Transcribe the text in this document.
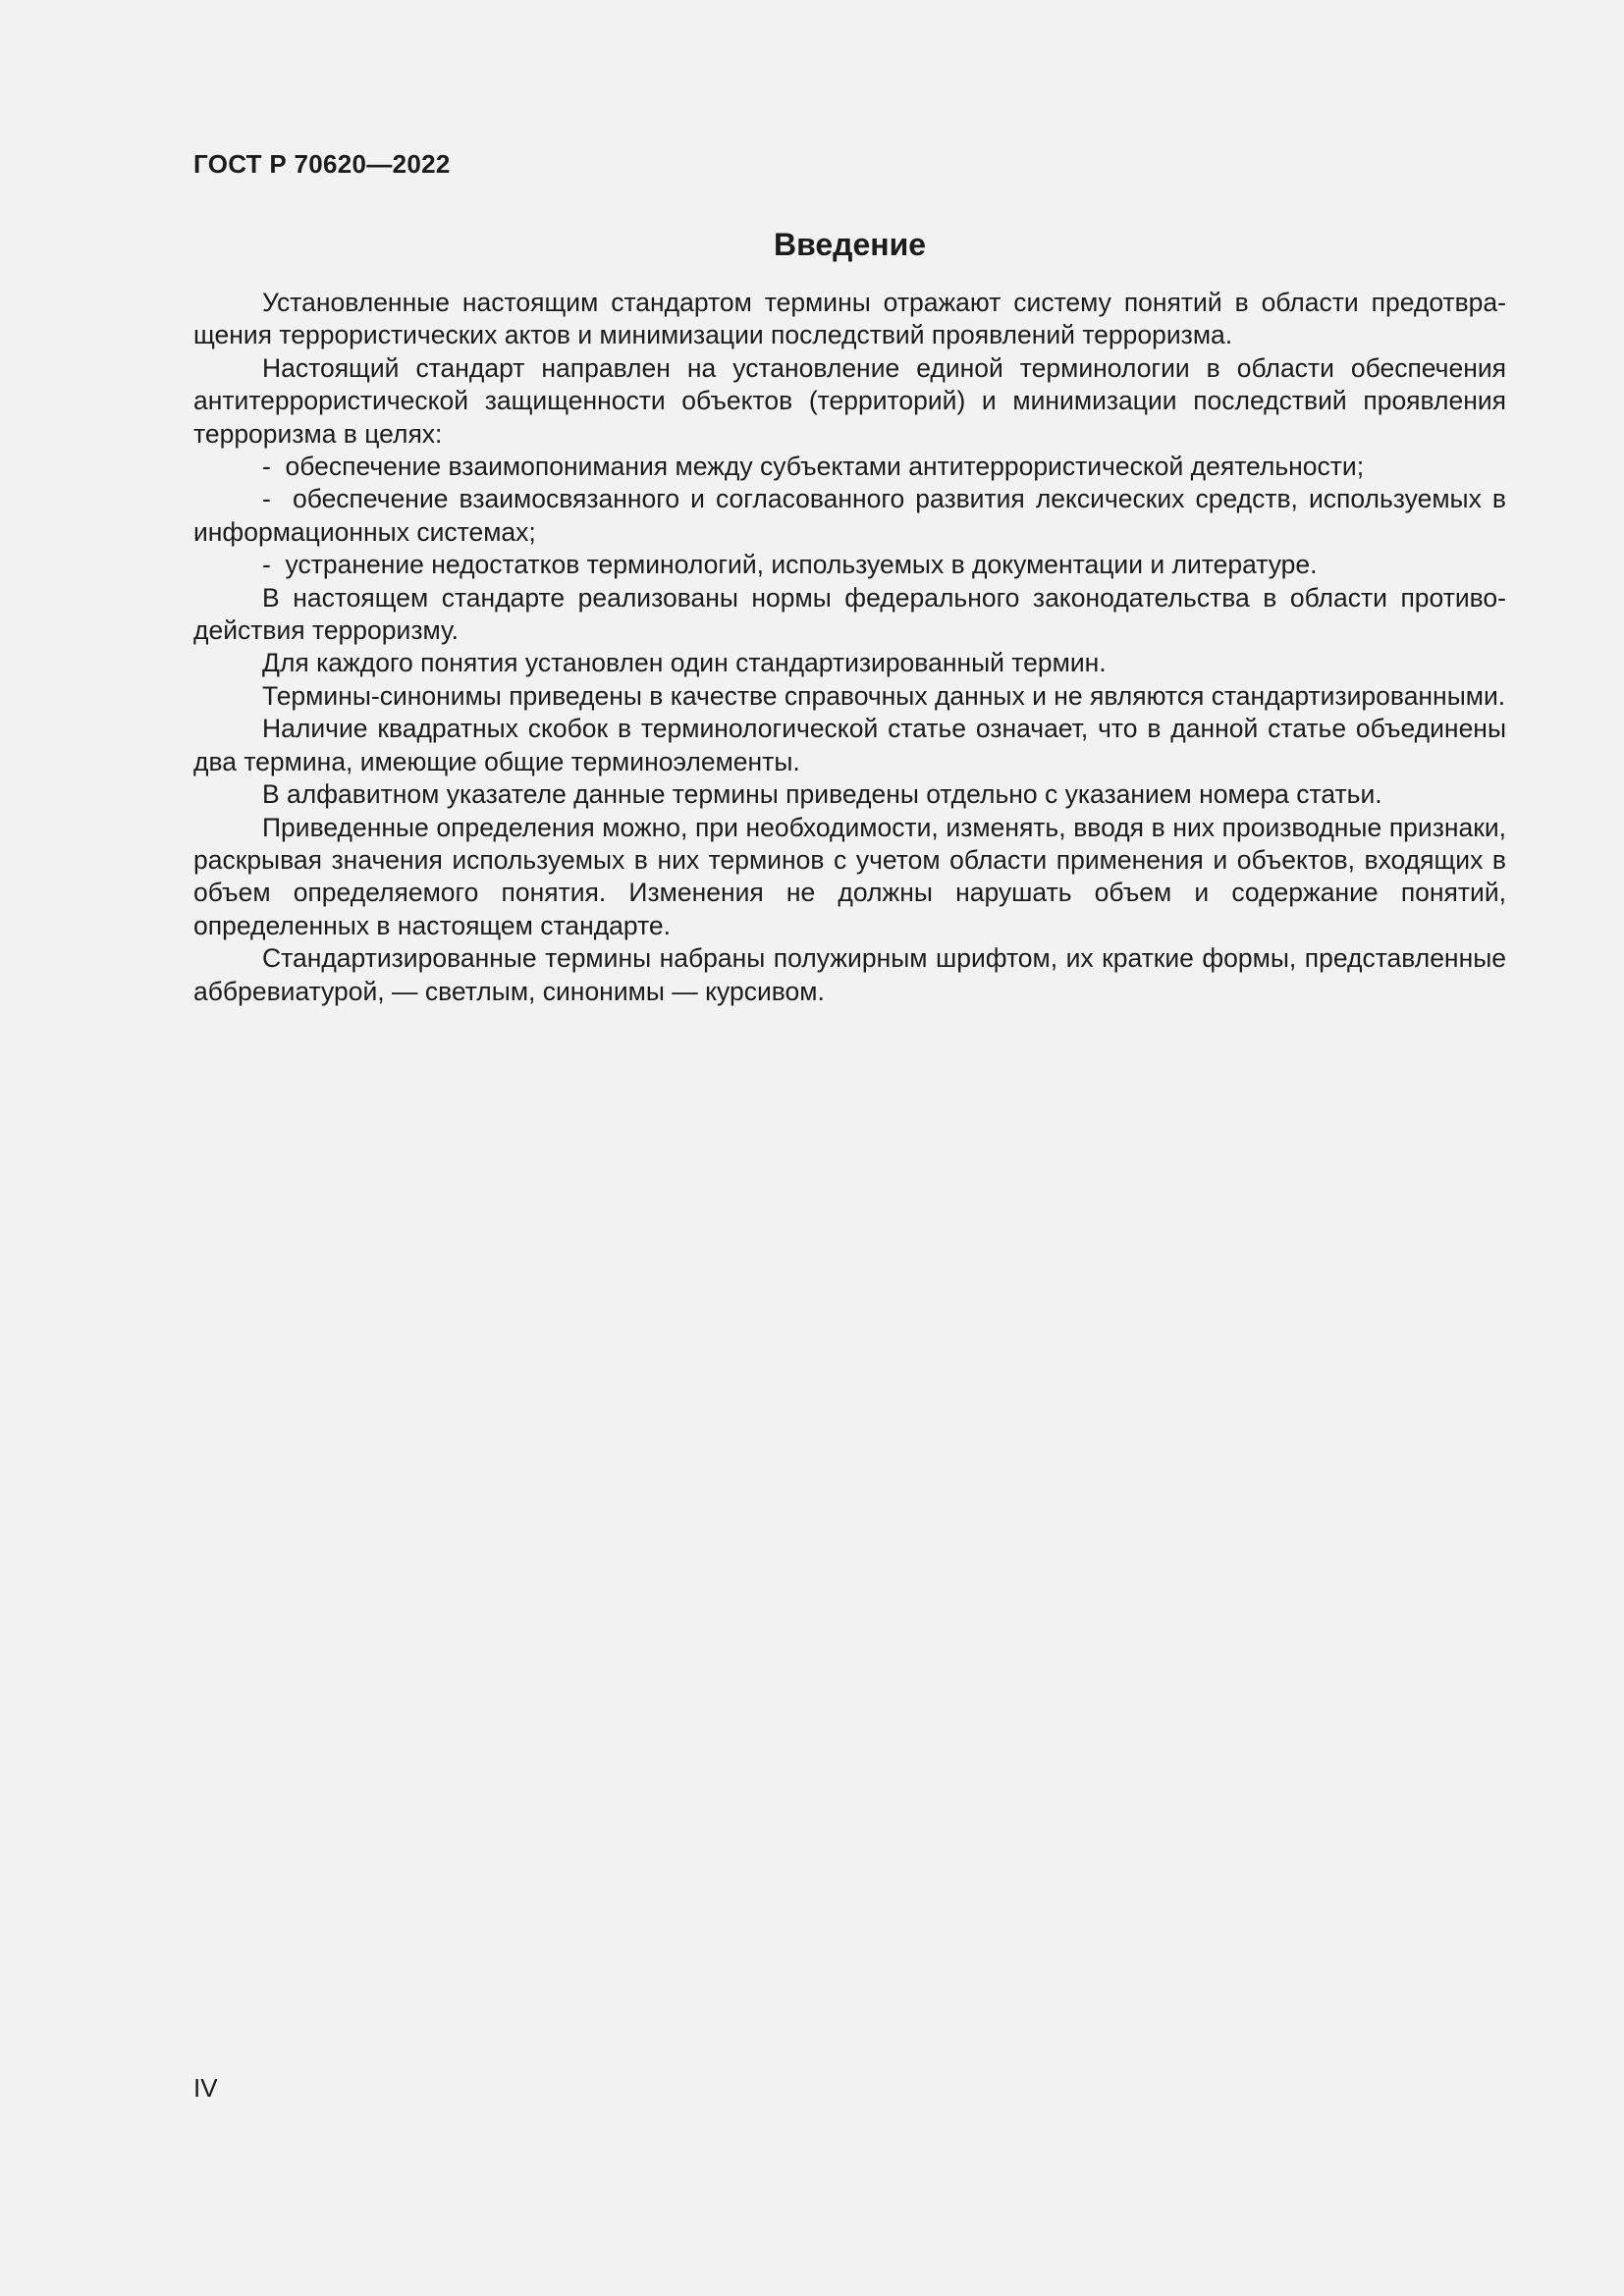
ГОСТ Р 70620—2022
Введение

Установленные настоящим стандартом термины отражают систему понятий в области предотвращения террористических актов и минимизации последствий проявлений терроризма.

Настоящий стандарт направлен на установление единой терминологии в области обеспечения антитеррористической защищенности объектов (территорий) и минимизации последствий проявления терроризма в целях:

-  обеспечение взаимопонимания между субъектами антитеррористической деятельности;

-  обеспечение взаимосвязанного и согласованного развития лексических средств, используемых в информационных системах;

-  устранение недостатков терминологий, используемых в документации и литературе.

В настоящем стандарте реализованы нормы федерального законодательства в области противодействия терроризму.

Для каждого понятия установлен один стандартизированный термин.

Термины-синонимы приведены в качестве справочных данных и не являются стандартизированными.

Наличие квадратных скобок в терминологической статье означает, что в данной статье объединены два термина, имеющие общие терминоэлементы.

В алфавитном указателе данные термины приведены отдельно с указанием номера статьи.

Приведенные определения можно, при необходимости, изменять, вводя в них производные признаки, раскрывая значения используемых в них терминов с учетом области применения и объектов, входящих в объем определяемого понятия. Изменения не должны нарушать объем и содержание понятий, определенных в настоящем стандарте.

Стандартизированные термины набраны полужирным шрифтом, их краткие формы, представленные аббревиатурой, — светлым, синонимы — курсивом.

IV
